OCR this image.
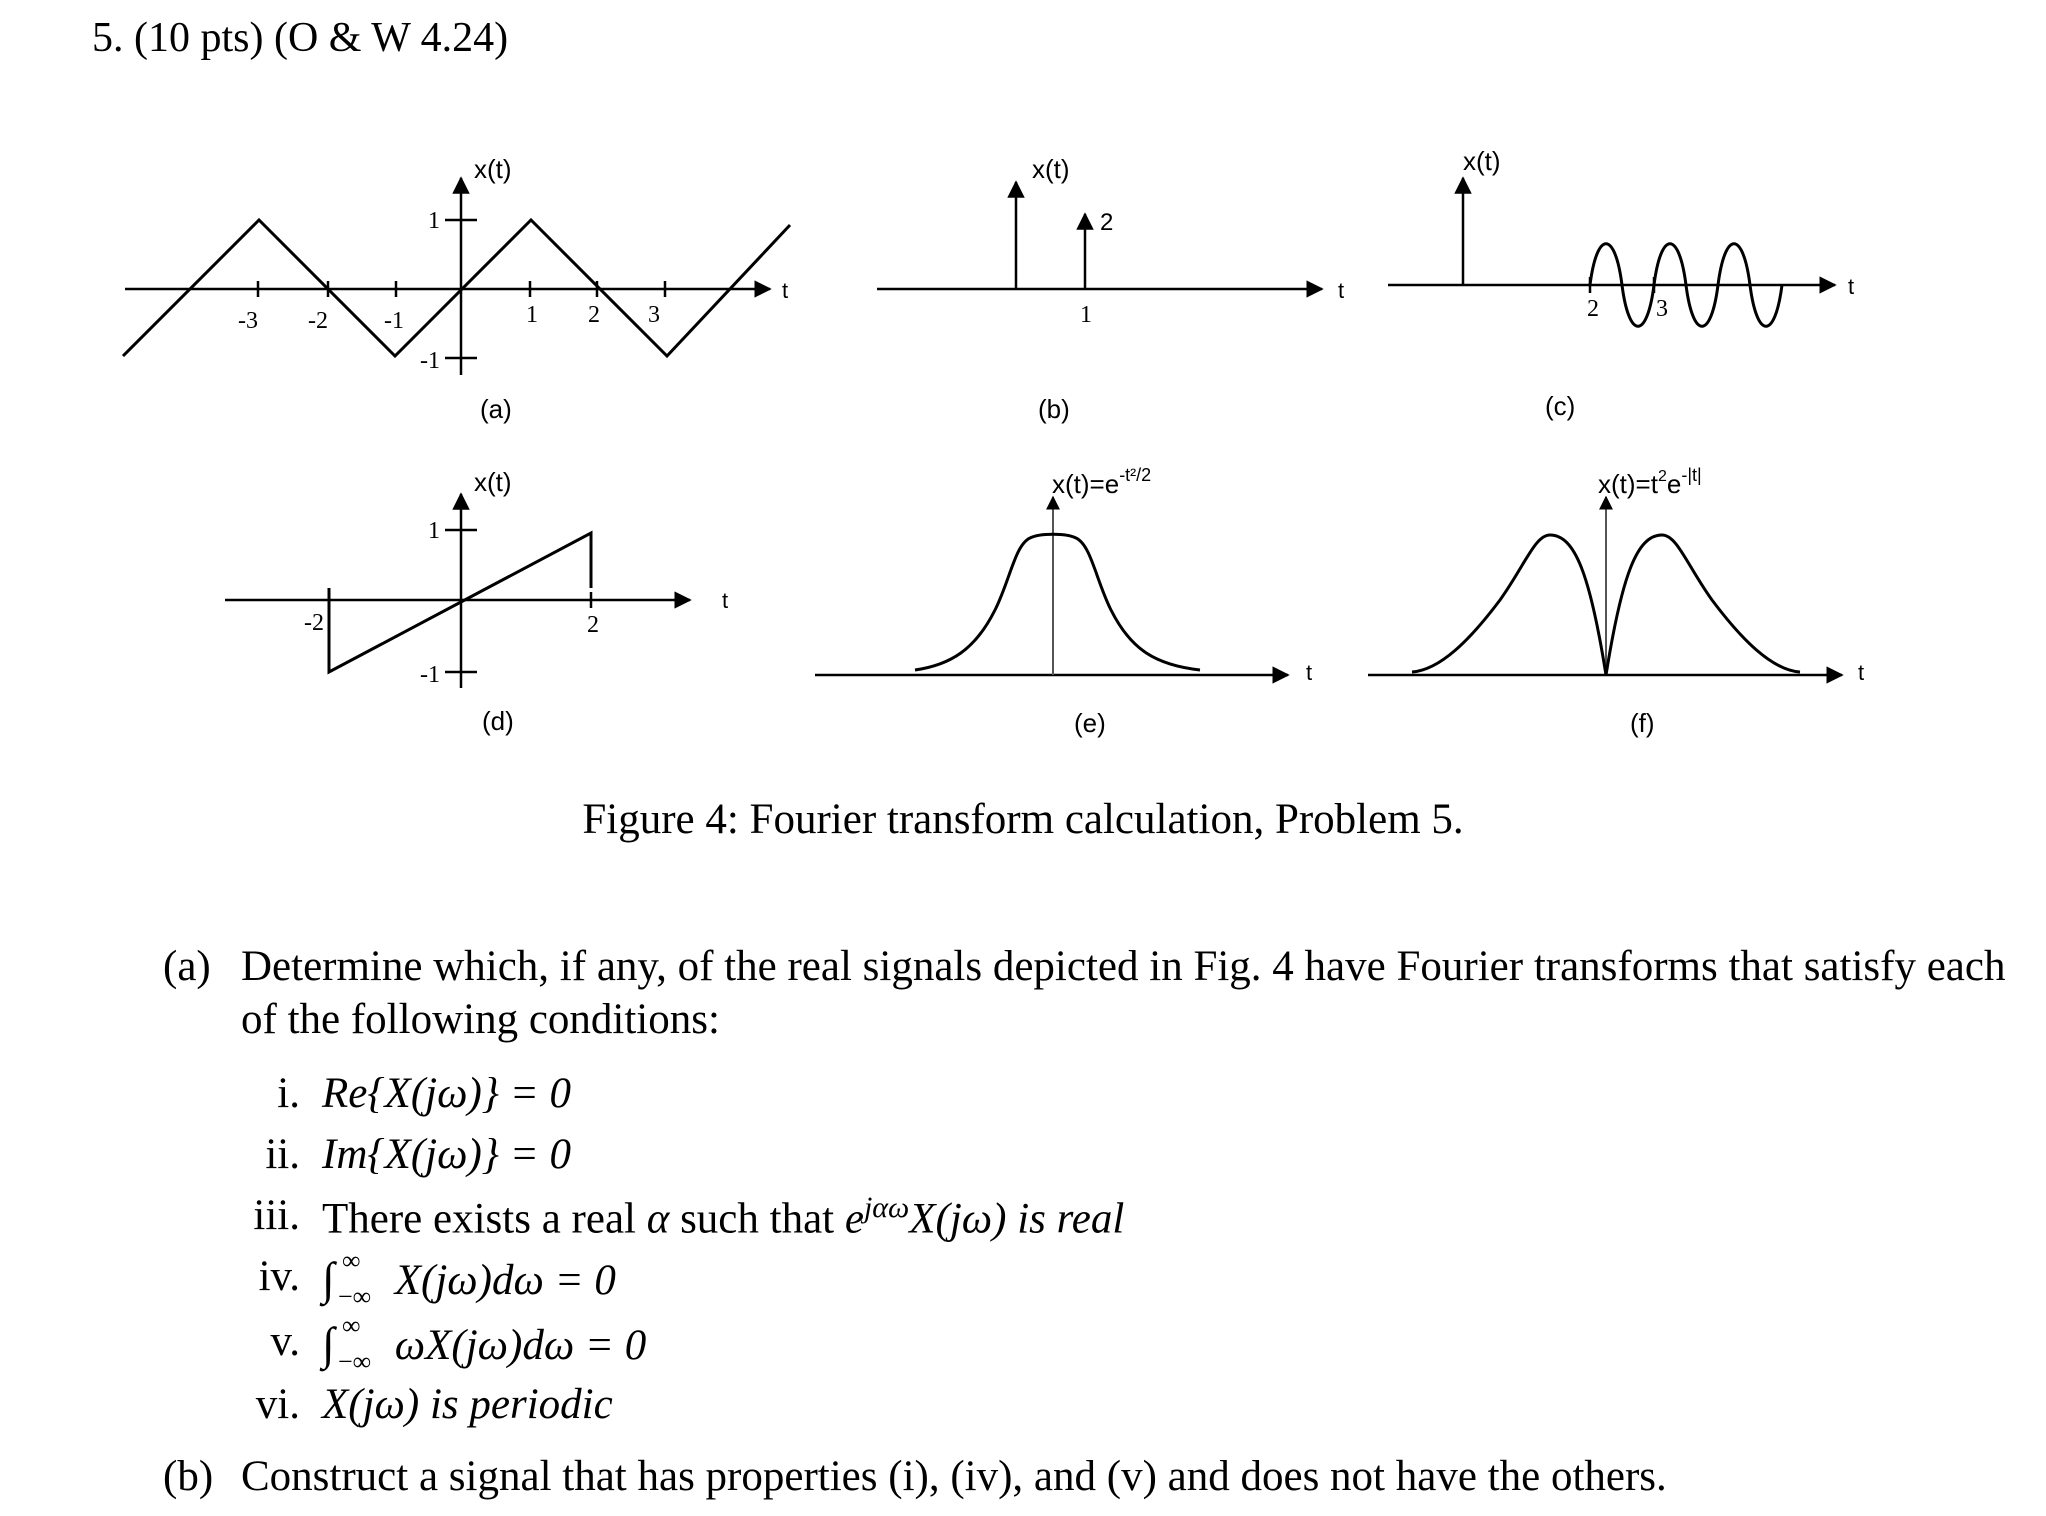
5. (10 pts) (O & W 4.24)
-3 -2 -1	1 2 3
1
-1
x(t)
t
(a)
2
1
x(t)
t
(b)
2 3
x(t)
t
(c)
-2	2
1
-1
x(t)
t
(d)
$x(t)=e^{-t^2/2}$
t
(e)
$x(t)=t^2e^{-|t|}$
t
(f)
Figure 4: Fourier transform calculation, Problem 5.
(a) Determine which, if any, of the real signals depicted in Fig. 4 have Fourier transforms that satisfy each of the following conditions:
i. Re{X(jω)} = 0
ii. Im{X(jω)} = 0
iii. There exists a real α such that $e^{j\alpha\omega}X(j\omega)$ is real
iv. ∫ ∞
−∞ X(jω)dω = 0
v. ∫ ∞
−∞ ωX(jω)dω = 0
vi. X(jω) is periodic
(b) Construct a signal that has properties (i), (iv), and (v) and does not have the others.
